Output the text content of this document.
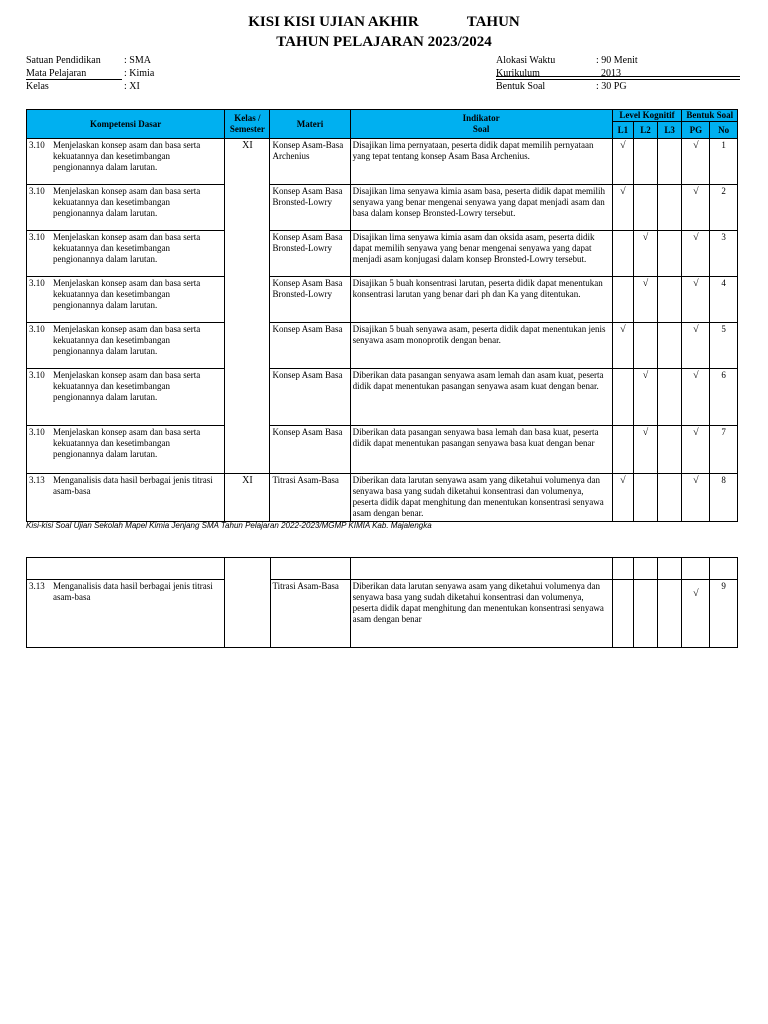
KISI KISI UJIAN AKHIR	TAHUN
TAHUN PELAJARAN 2023/2024
Satuan Pendidikan	: SMA
Mata Pelajaran	: Kimia
Kelas	: XI
Alokasi Waktu	: 90 Menit
Kurikulum	2013
Bentuk Soal	: 30 PG
Kompetensi Dasar	Kelas / Semester	Materi	Indikator
Soal	Level Kognitif			Bentuk Soal	
				L1	L2	L3	PG	No

3.10 Menjelaskan konsep asam dan basa serta kekuatannya dan kesetimbangan pengionannya dalam larutan.	XI	Konsep Asam-Basa Archenius	Disajikan lima pernyataan, peserta didik dapat memilih pernyataan yang tepat tentang konsep Asam Basa Archenius.	√			√	1

3.10 Menjelaskan konsep asam dan basa serta kekuatannya dan kesetimbangan pengionannya dalam larutan.		Konsep Asam Basa Bronsted-Lowry	Disajikan lima senyawa kimia asam basa, peserta didik dapat memilih senyawa yang benar mengenai senyawa yang dapat menjadi asam dan basa dalam konsep Bronsted-Lowry tersebut.	√			√	2

3.10 Menjelaskan konsep asam dan basa serta kekuatannya dan kesetimbangan pengionannya dalam larutan.		Konsep Asam Basa Bronsted-Lowry	Disajikan lima senyawa kimia asam dan oksida asam, peserta didik dapat memilih senyawa yang benar mengenai senyawa yang dapat menjadi asam konjugasi dalam konsep Bronsted-Lowry tersebut.		√		√	3

3.10 Menjelaskan konsep asam dan basa serta kekuatannya dan kesetimbangan pengionannya dalam larutan.		Konsep Asam Basa Bronsted-Lowry	Disajikan 5 buah konsentrasi larutan, peserta didik dapat menentukan konsentrasi larutan yang benar dari ph dan Ka yang ditentukan.		√		√	4

3.10 Menjelaskan konsep asam dan basa serta kekuatannya dan kesetimbangan pengionannya dalam larutan.		Konsep Asam Basa	Disajikan 5 buah senyawa asam, peserta didik dapat menentukan jenis senyawa asam monoprotik dengan benar.	√			√	5

3.10 Menjelaskan konsep asam dan basa serta kekuatannya dan kesetimbangan pengionannya dalam larutan.		Konsep Asam Basa	Diberikan data pasangan senyawa asam lemah dan asam kuat, peserta didik dapat menentukan pasangan senyawa asam kuat dengan benar.		√		√	6

3.10 Menjelaskan konsep asam dan basa serta kekuatannya dan kesetimbangan pengionannya dalam larutan.		Konsep Asam Basa	Diberikan data pasangan senyawa basa lemah dan basa kuat, peserta didik dapat menentukan pasangan senyawa basa kuat dengan benar		√		√	7

3.13 Menganalisis data hasil berbagai jenis titrasi asam-basa	XI	Titrasi Asam-Basa	Diberikan data larutan senyawa asam yang diketahui volumenya dan senyawa basa yang sudah diketahui konsentrasi dan volumenya, peserta didik dapat menghitung dan menentukan konsentrasi senyawa asam dengan benar.	√			√	8
Kisi-kisi Soal Ujian Sekolah Mapel Kimia Jenjang SMA Tahun Pelajaran 2022-2023/MGMP KIMIA Kab. Majalengka

3.13 Menganalisis data hasil berbagai jenis titrasi asam-basa		Titrasi Asam-Basa	Diberikan data larutan senyawa asam yang diketahui volumenya dan senyawa basa yang sudah diketahui konsentrasi dan volumenya, peserta didik dapat menghitung dan menentukan konsentrasi senyawa asam dengan benar				√	9
